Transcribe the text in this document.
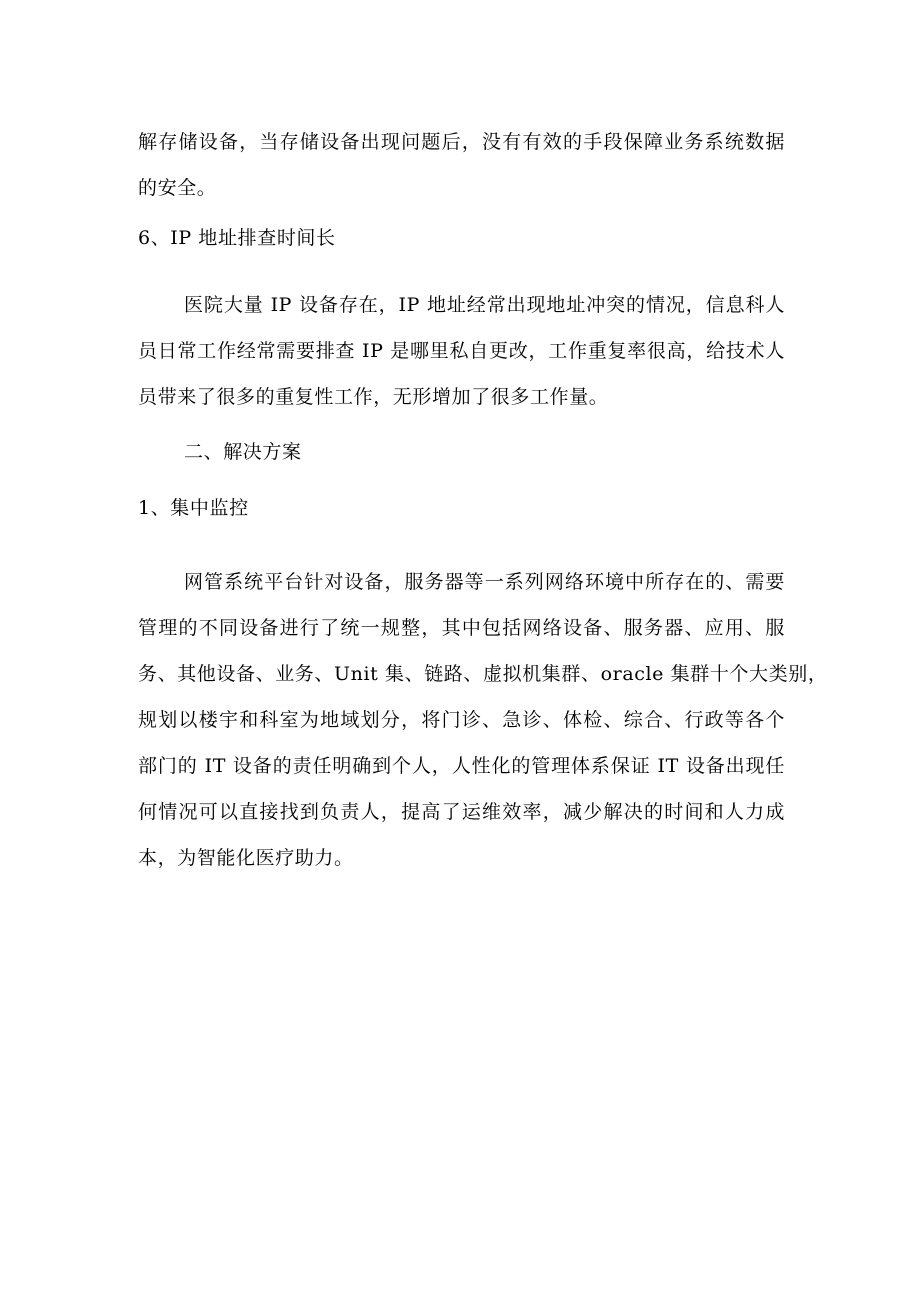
解存储设备，当存储设备出现问题后，没有有效的手段保障业务系统数据
的安全。
6、IP 地址排查时间长
医院大量 IP 设备存在，IP 地址经常出现地址冲突的情况，信息科人
员日常工作经常需要排查 IP 是哪里私自更改，工作重复率很高，给技术人
员带来了很多的重复性工作，无形增加了很多工作量。
二、解决方案
1、集中监控
网管系统平台针对设备，服务器等一系列网络环境中所存在的、需要
管理的不同设备进行了统一规整，其中包括网络设备、服务器、应用、服
务、其他设备、业务、Unit 集、链路、虚拟机集群、oracle 集群十个大类别，
规划以楼宇和科室为地域划分，将门诊、急诊、体检、综合、行政等各个
部门的 IT 设备的责任明确到个人，人性化的管理体系保证 IT 设备出现任
何情况可以直接找到负责人，提高了运维效率，减少解决的时间和人力成
本，为智能化医疗助力。
